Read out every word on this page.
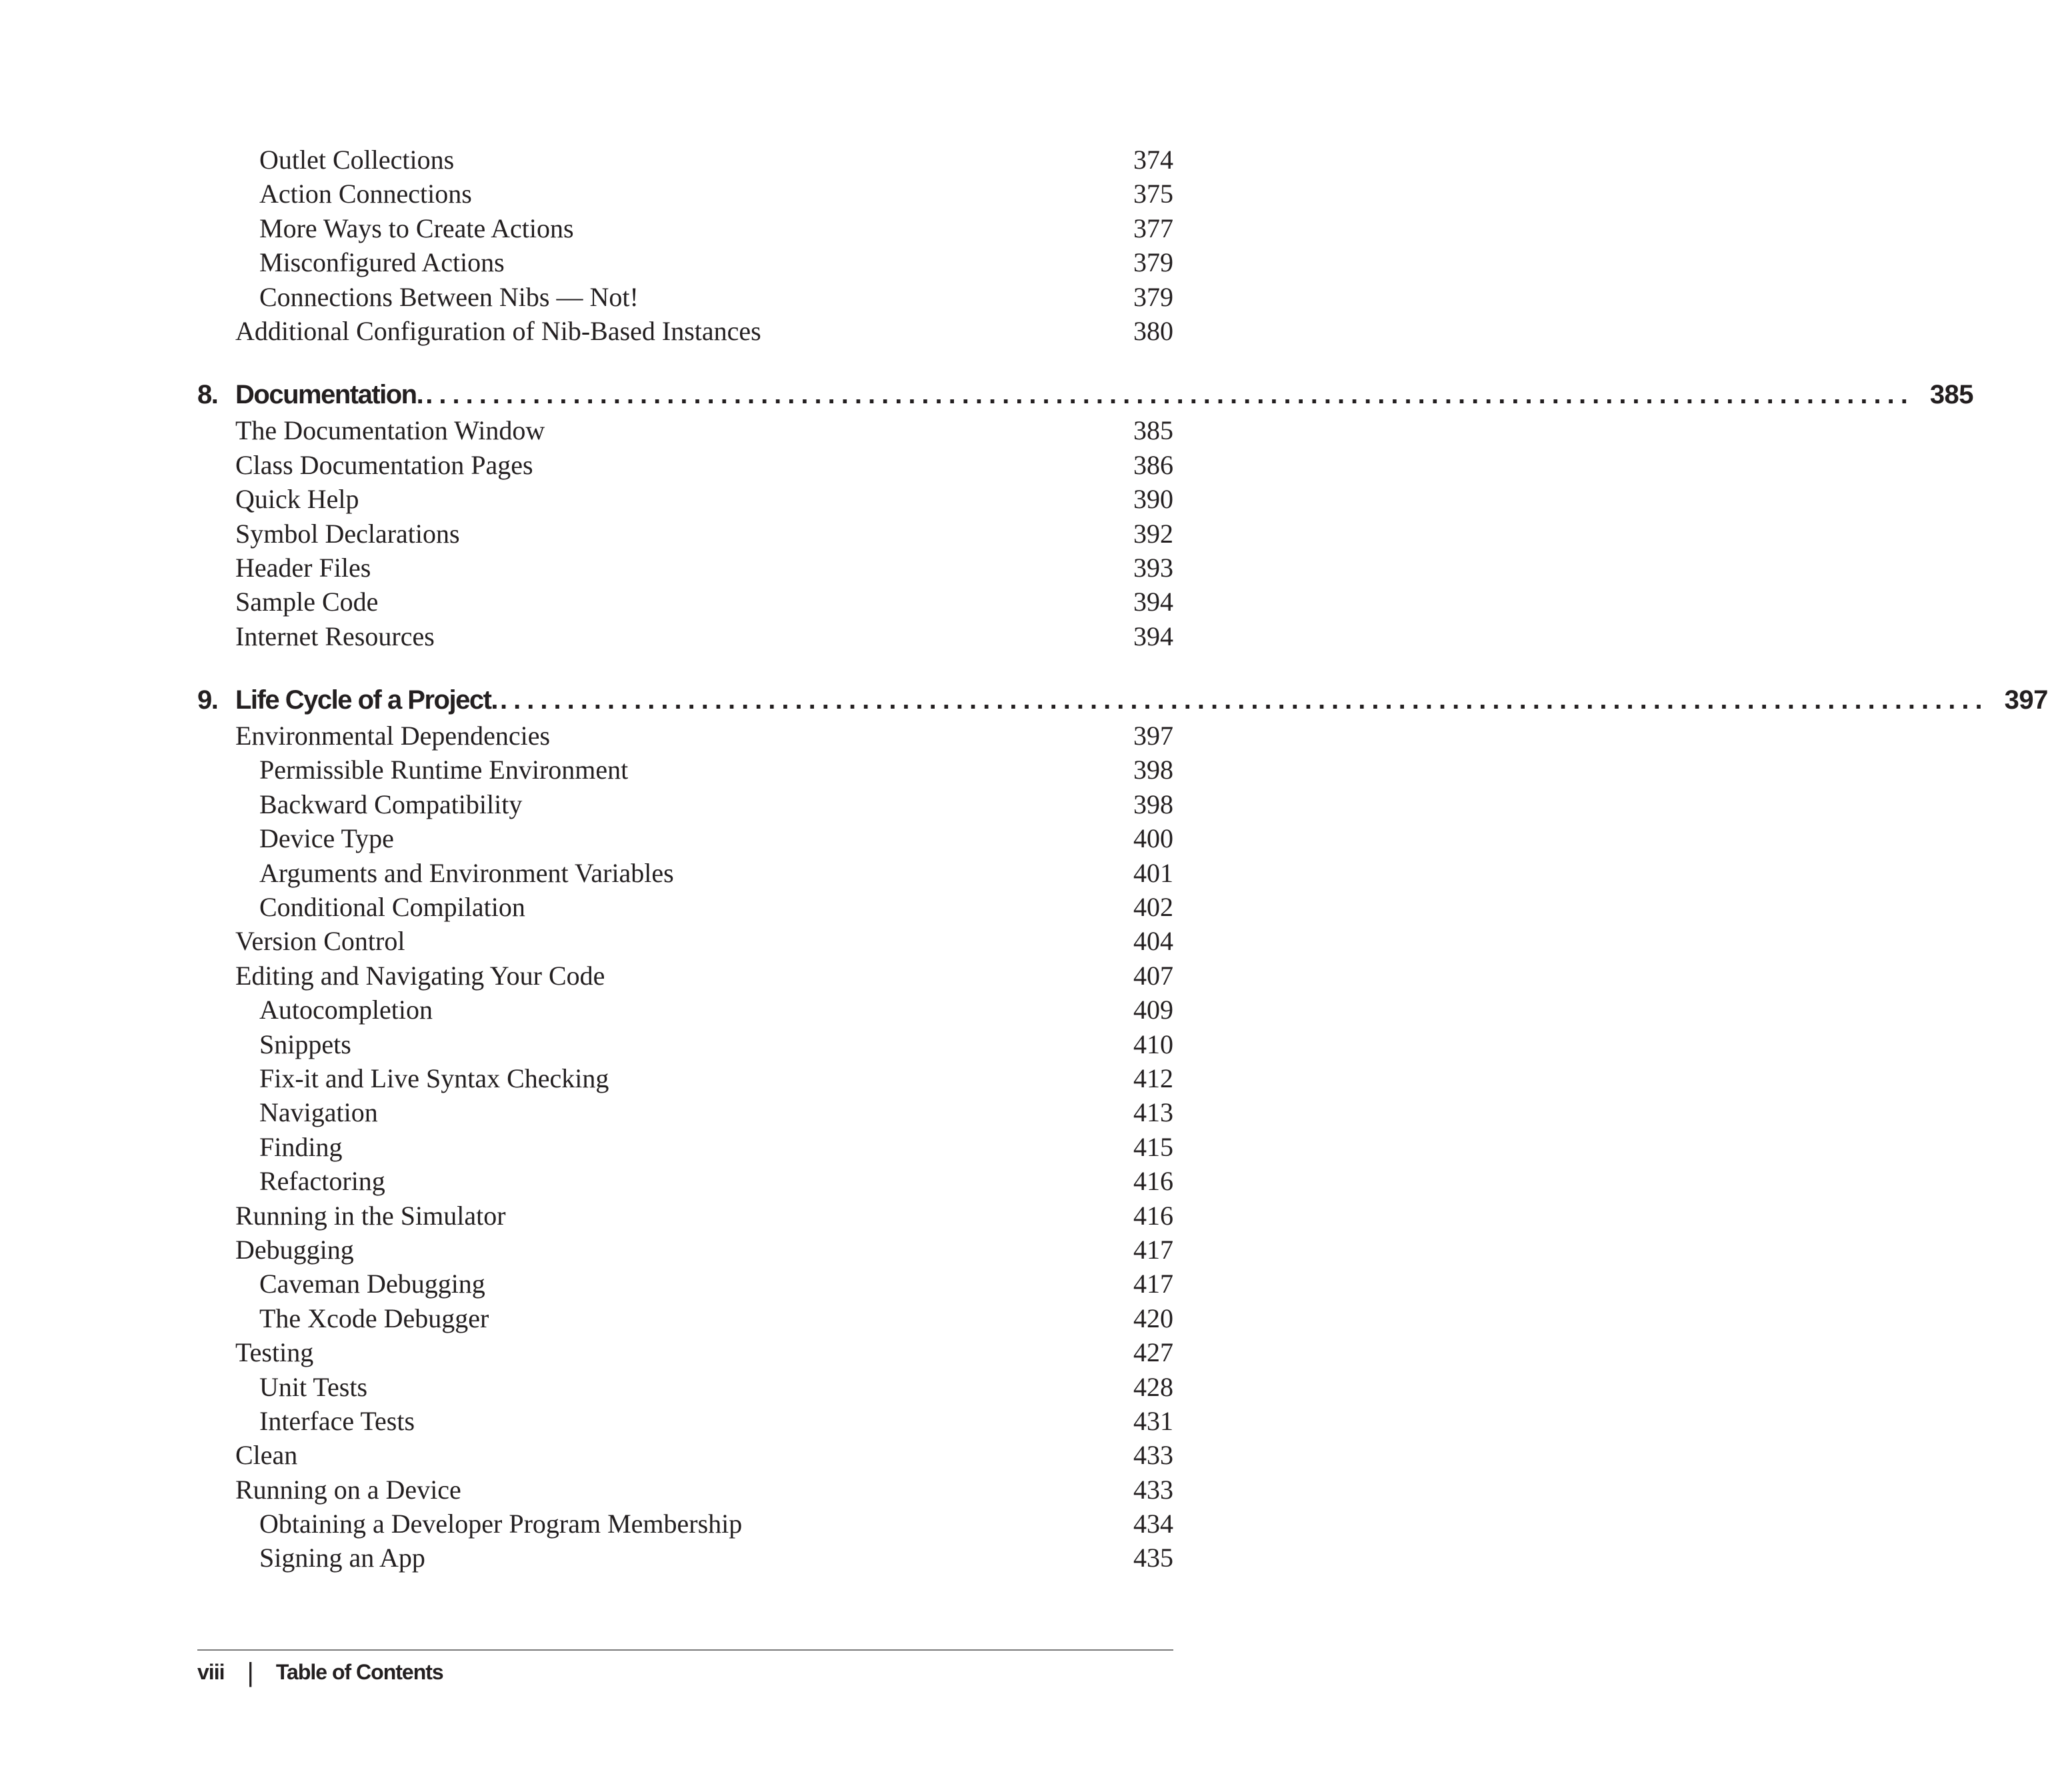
Outlet Collections	374
Action Connections	375
More Ways to Create Actions	377
Misconfigured Actions	379
Connections Between Nibs — Not!	379
Additional Configuration of Nib-Based Instances	380
8. Documentation. ............................................................................................................... 385
The Documentation Window	385
Class Documentation Pages	386
Quick Help	390
Symbol Declarations	392
Header Files	393
Sample Code	394
Internet Resources	394
9. Life Cycle of a Project. ............................................................................................................... 397
Environmental Dependencies	397
Permissible Runtime Environment	398
Backward Compatibility	398
Device Type	400
Arguments and Environment Variables	401
Conditional Compilation	402
Version Control	404
Editing and Navigating Your Code	407
Autocompletion	409
Snippets	410
Fix-it and Live Syntax Checking	412
Navigation	413
Finding	415
Refactoring	416
Running in the Simulator	416
Debugging	417
Caveman Debugging	417
The Xcode Debugger	420
Testing	427
Unit Tests	428
Interface Tests	431
Clean	433
Running on a Device	433
Obtaining a Developer Program Membership	434
Signing an App	435
viii | Table of Contents
